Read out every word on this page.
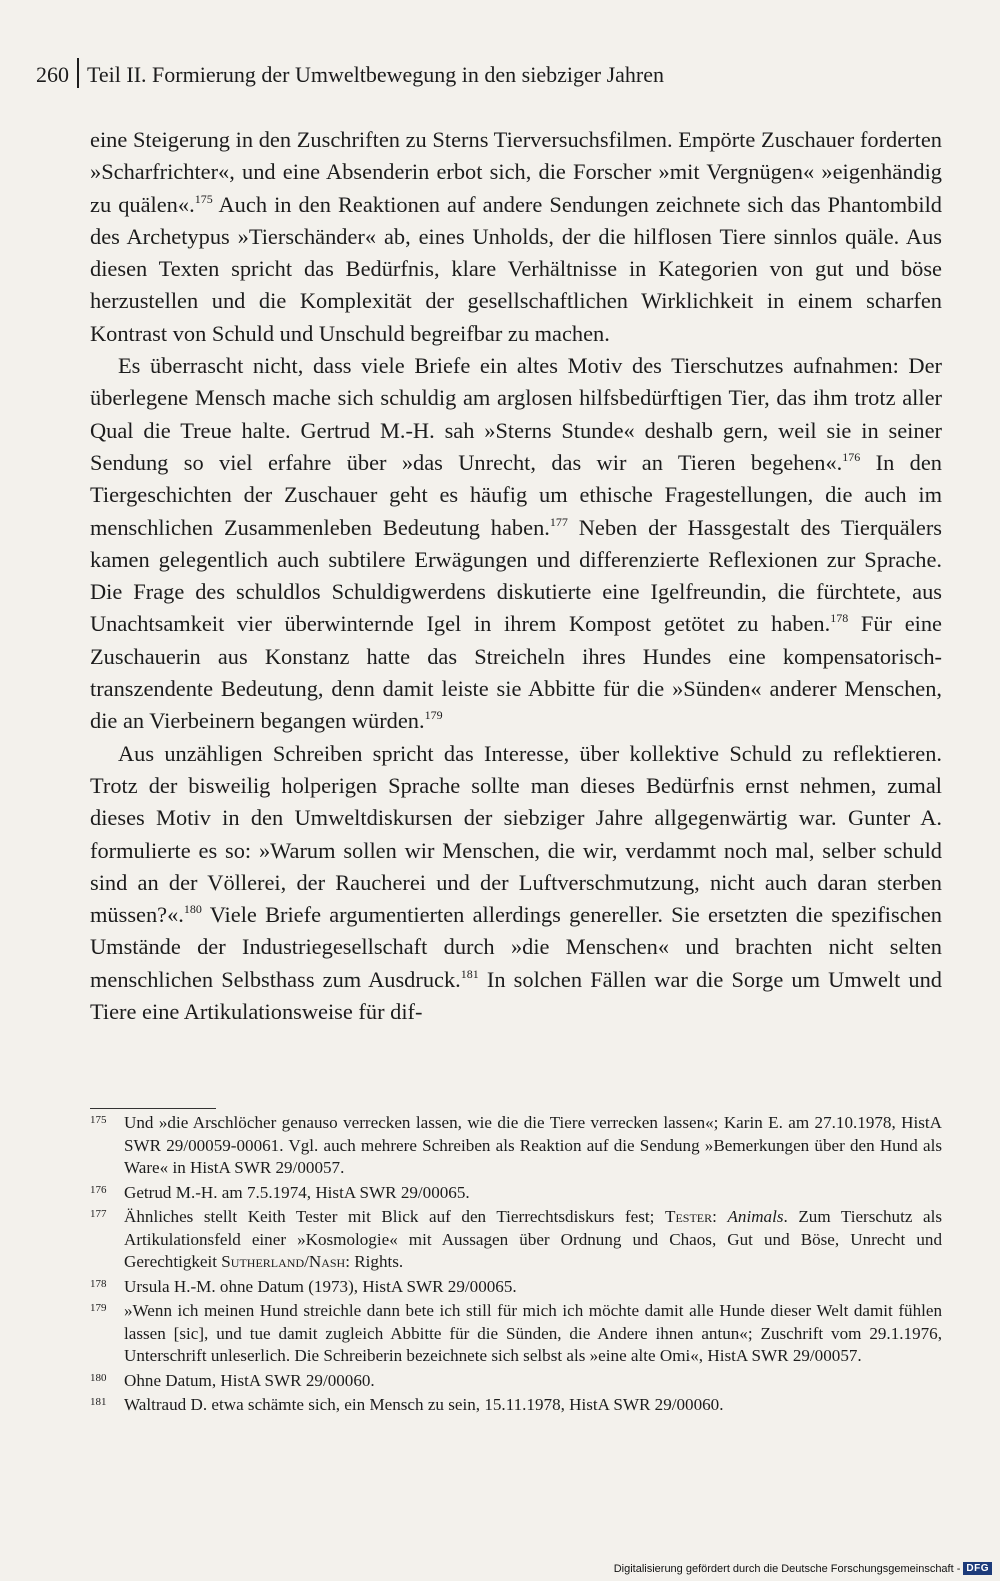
260 Teil II. Formierung der Umweltbewegung in den siebziger Jahren

eine Steigerung in den Zuschriften zu Sterns Tierversuchsfilmen. Empörte Zuschauer forderten »Scharfrichter«, und eine Absenderin erbot sich, die Forscher »mit Vergnügen« »eigenhändig zu quälen«.$^{175}$ Auch in den Reaktionen auf andere Sendungen zeichnete sich das Phantombild des Archetypus »Tierschänder« ab, eines Unholds, der die hilflosen Tiere sinnlos quäle. Aus diesen Texten spricht das Bedürfnis, klare Verhältnisse in Kategorien von gut und böse herzustellen und die Komplexität der gesellschaftlichen Wirklichkeit in einem scharfen Kontrast von Schuld und Unschuld begreifbar zu machen.

Es überrascht nicht, dass viele Briefe ein altes Motiv des Tierschutzes aufnahmen: Der überlegene Mensch mache sich schuldig am arglosen hilfsbedürftigen Tier, das ihm trotz aller Qual die Treue halte. Gertrud M.-H. sah »Sterns Stunde« deshalb gern, weil sie in seiner Sendung so viel erfahre über »das Unrecht, das wir an Tieren begehen«.$^{176}$ In den Tiergeschichten der Zuschauer geht es häufig um ethische Fragestellungen, die auch im menschlichen Zusammenleben Bedeutung haben.$^{177}$ Neben der Hassgestalt des Tierquälers kamen gelegentlich auch subtilere Erwägungen und differenzierte Reflexionen zur Sprache. Die Frage des schuldlos Schuldigwerdens diskutierte eine Igelfreundin, die fürchtete, aus Unachtsamkeit vier überwinternde Igel in ihrem Kompost getötet zu haben.$^{178}$ Für eine Zuschauerin aus Konstanz hatte das Streicheln ihres Hundes eine kompensatorisch-transzendente Bedeutung, denn damit leiste sie Abbitte für die »Sünden« anderer Menschen, die an Vierbeinern begangen würden.$^{179}$

Aus unzähligen Schreiben spricht das Interesse, über kollektive Schuld zu reflektieren. Trotz der bisweilig holperigen Sprache sollte man dieses Bedürfnis ernst nehmen, zumal dieses Motiv in den Umweltdiskursen der siebziger Jahre allgegenwärtig war. Gunter A. formulierte es so: »Warum sollen wir Menschen, die wir, verdammt noch mal, selber schuld sind an der Völlerei, der Raucherei und der Luftverschmutzung, nicht auch daran sterben müssen?«.$^{180}$ Viele Briefe argumentierten allerdings genereller. Sie ersetzten die spezifischen Umstände der Industriegesellschaft durch »die Menschen« und brachten nicht selten menschlichen Selbsthass zum Ausdruck.$^{181}$ In solchen Fällen war die Sorge um Umwelt und Tiere eine Artikulationsweise für dif-

175 Und »die Arschlöcher genauso verrecken lassen, wie die die Tiere verrecken lassen«; Karin E. am 27.10.1978, HistA SWR 29/00059-00061. Vgl. auch mehrere Schreiben als Reaktion auf die Sendung »Bemerkungen über den Hund als Ware« in HistA SWR 29/00057.
176 Getrud M.-H. am 7.5.1974, HistA SWR 29/00065.
177 Ähnliches stellt Keith Tester mit Blick auf den Tierrechtsdiskurs fest; Tester: Animals. Zum Tierschutz als Artikulationsfeld einer »Kosmologie« mit Aussagen über Ordnung und Chaos, Gut und Böse, Unrecht und Gerechtigkeit Sutherland/Nash: Rights.
178 Ursula H.-M. ohne Datum (1973), HistA SWR 29/00065.
179 »Wenn ich meinen Hund streichle dann bete ich still für mich ich möchte damit alle Hunde dieser Welt damit fühlen lassen [sic], und tue damit zugleich Abbitte für die Sünden, die Andere ihnen antun«; Zuschrift vom 29.1.1976, Unterschrift unleserlich. Die Schreiberin bezeichnete sich selbst als »eine alte Omi«, HistA SWR 29/00057.
180 Ohne Datum, HistA SWR 29/00060.
181 Waltraud D. etwa schämte sich, ein Mensch zu sein, 15.11.1978, HistA SWR 29/00060.
Digitalisierung gefördert durch die Deutsche Forschungsgemeinschaft - DFG
